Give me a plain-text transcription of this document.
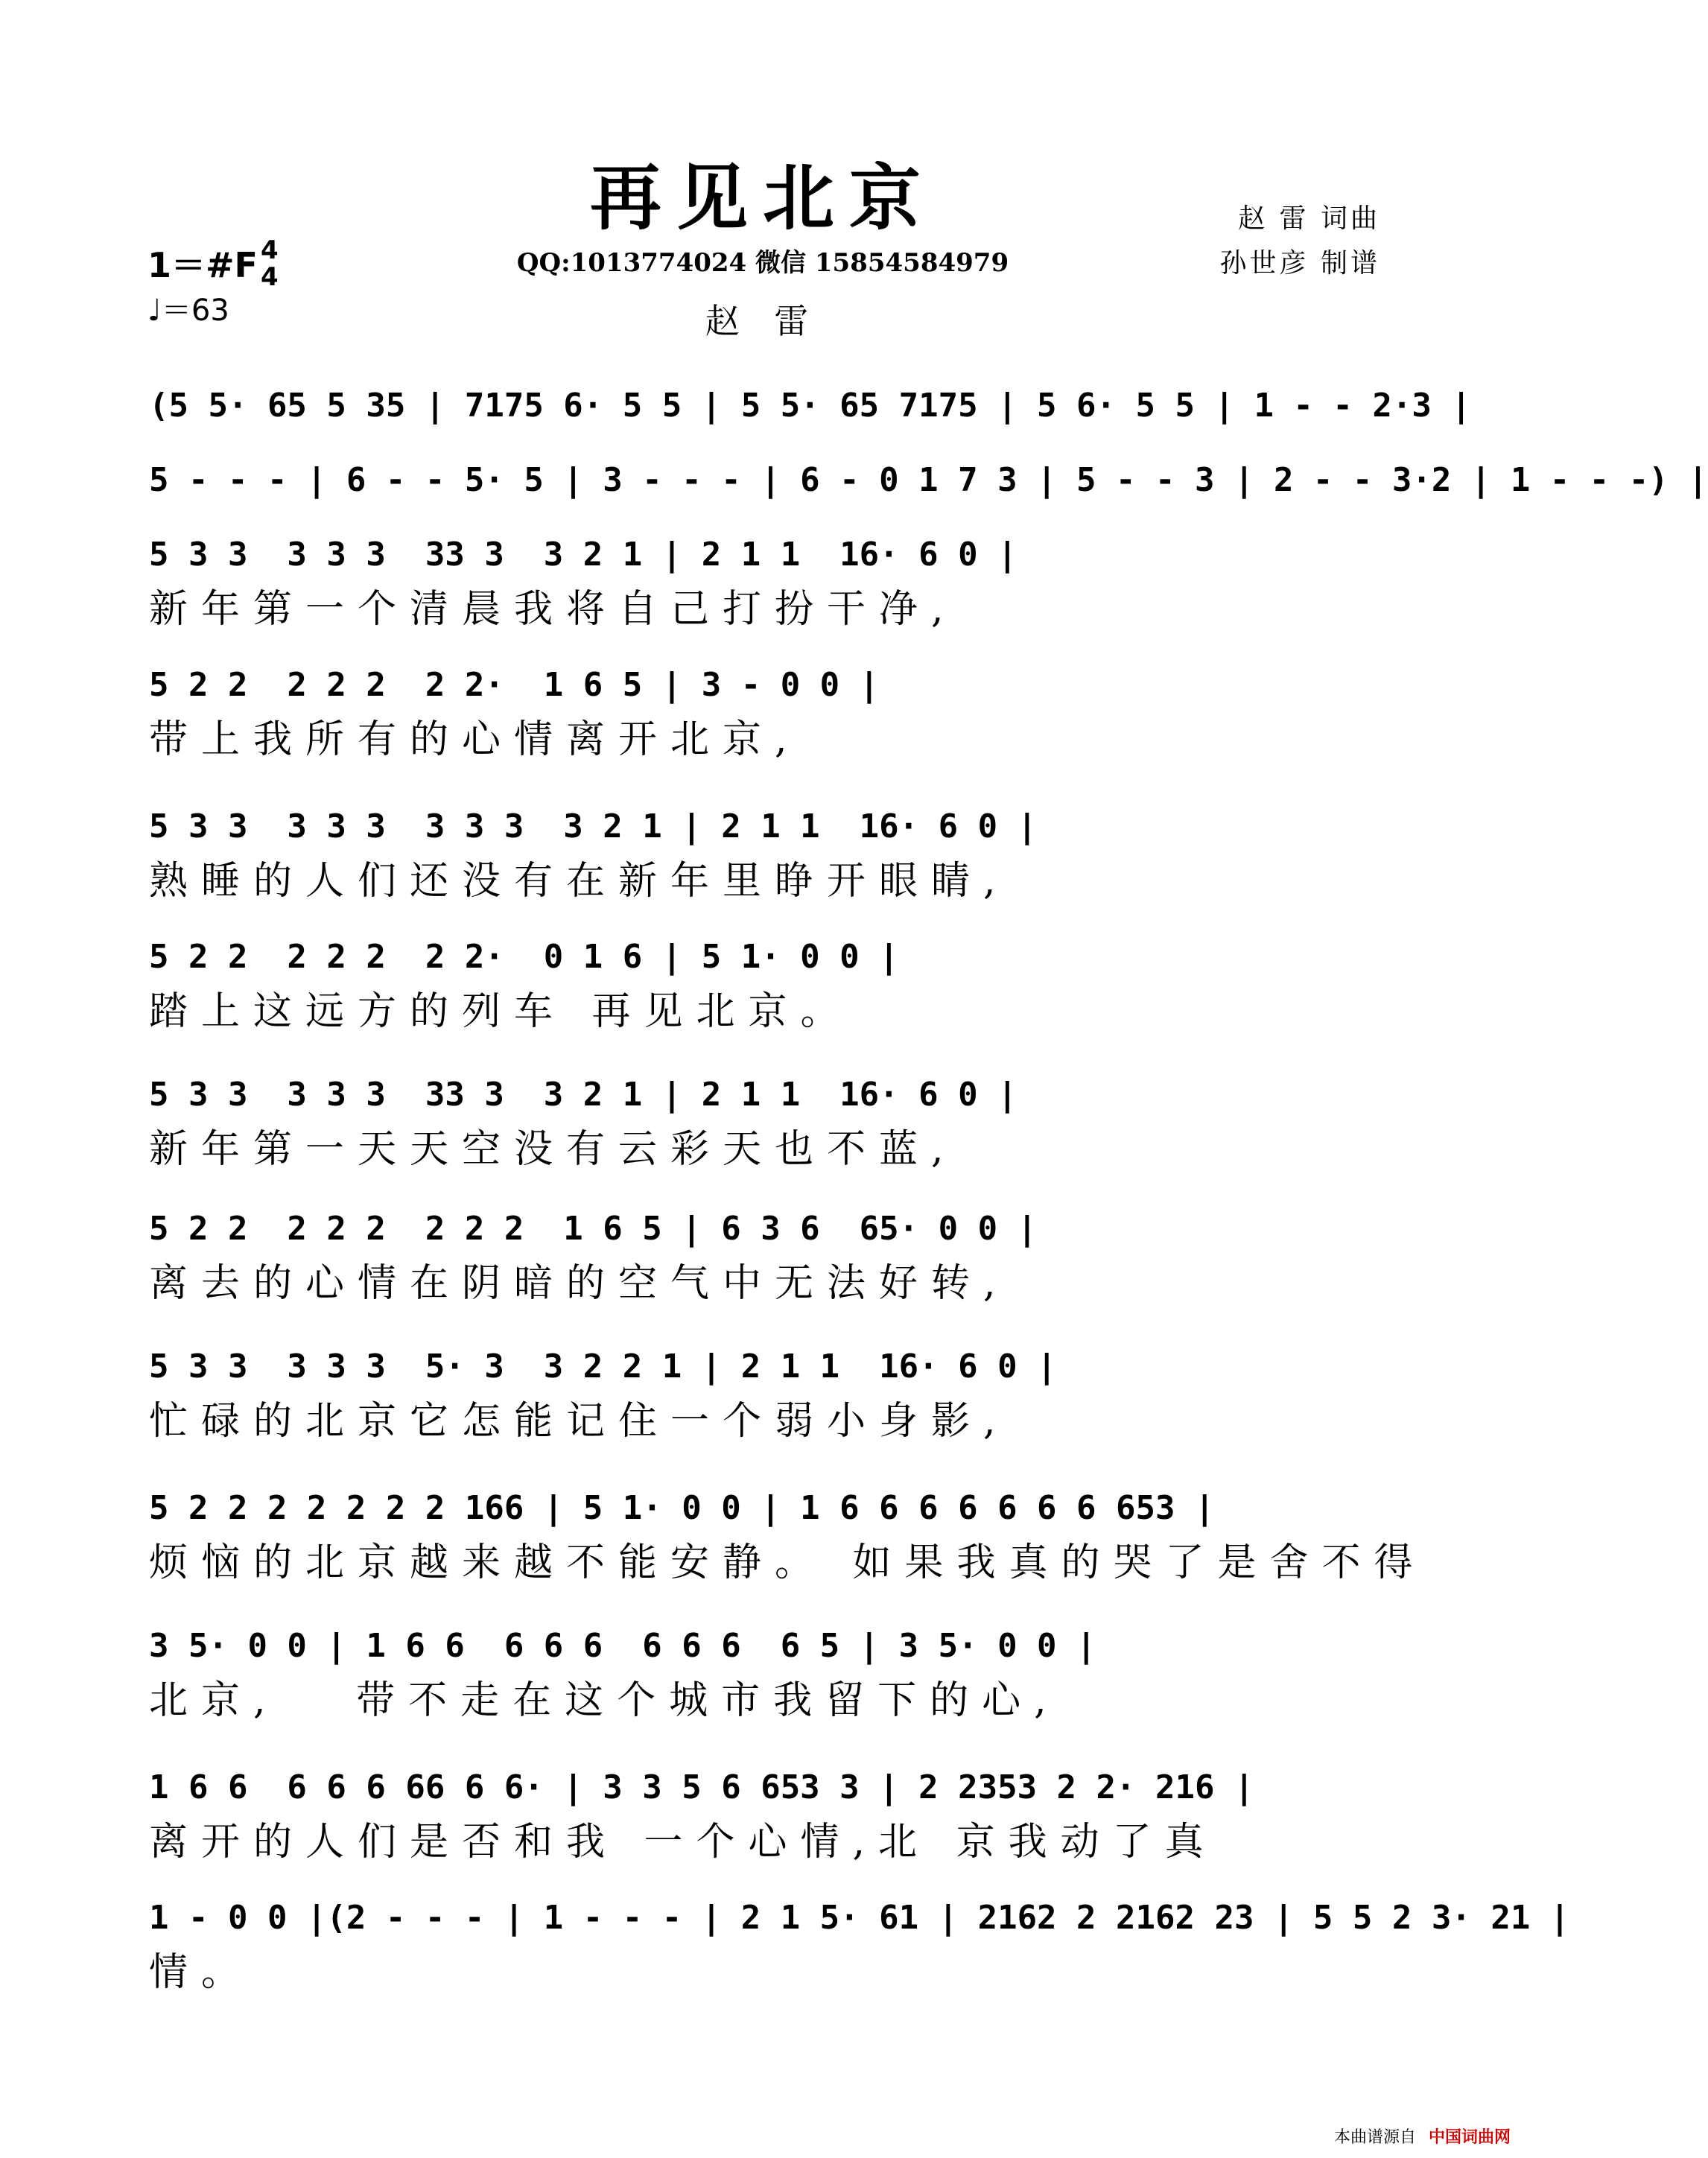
再见北京	赵 雷 词曲
孙世彦 制谱
1＝#F 4
4
♩＝63
QQ:1013774024 微信 15854584979
赵 雷
(5 5· 65 5 35 | 7175 6· 5 5 | 5 5· 65 7175 | 5 6· 5 5 | 1 - - 2·3 |
5 - - - | 6 - - 5· 5 | 3 - - - | 6 - 0 1 7 3 | 5 - - 3 | 2 - - 3·2 | 1 - - -) |
5 3 3  3 3 3  33 3  3 2 1 | 2 1 1  16· 6 0 |
新年第一个清晨我将自己打扮干净,
5 2 2  2 2 2  2 2·  1 6 5 | 3 - 0 0 |
带上我所有的心情离开北京,
5 3 3  3 3 3  3 3 3  3 2 1 | 2 1 1  16· 6 0 |
熟睡的人们还没有在新年里睁开眼睛,
5 2 2  2 2 2  2 2·  0 1 6 | 5 1· 0 0 |
踏上这远方的列车 再见北京。
5 3 3  3 3 3  33 3  3 2 1 | 2 1 1  16· 6 0 |
新年第一天天空没有云彩天也不蓝,
5 2 2  2 2 2  2 2 2  1 6 5 | 6 3 6  65· 0 0 |
离去的心情在阴暗的空气中无法好转,
5 3 3  3 3 3  5· 3  3 2 2 1 | 2 1 1  16· 6 0 |
忙碌的北京它怎能记住一个弱小身影,
5 2 2 2 2 2 2 2 166 | 5 1· 0 0 | 1 6 6 6 6 6 6 6 653 |
烦恼的北京越来越不能安静。 如果我真的哭了是舍不得
3 5· 0 0 | 1 6 6  6 6 6  6 6 6  6 5 | 3 5· 0 0 |
北京,   带不走在这个城市我留下的心,
1 6 6  6 6 6 66 6 6· | 3 3 5 6 653 3 | 2 2353 2 2· 216 |
离开的人们是否和我 一个心情,北 京我动了真
1 - 0 0 |(2 - - - | 1 - - - | 2 1 5· 61 | 2162 2 2162 23 | 5 5 2 3· 21 |
情。
本曲谱源自 中国词曲网
